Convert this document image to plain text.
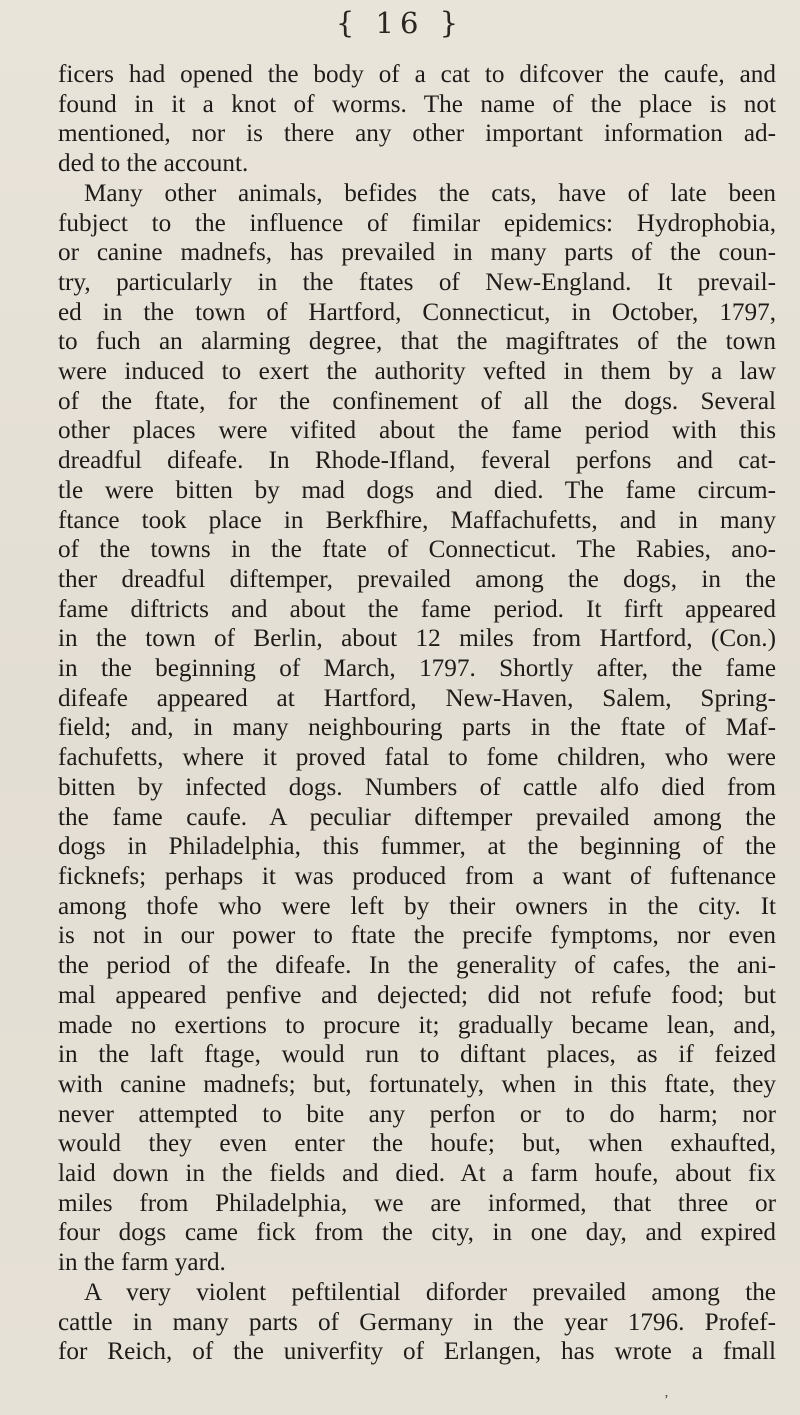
{ 16 }
ficers had opened the body of a cat to difcover the caufe, and
found in it a knot of worms. The name of the place is not
mentioned, nor is there any other important information ad-
ded to the account.
Many other animals, befides the cats, have of late been
fubject to the influence of fimilar epidemics: Hydrophobia,
or canine madnefs, has prevailed in many parts of the coun-
try, particularly in the ftates of New-England. It prevail-
ed in the town of Hartford, Connecticut, in October, 1797,
to fuch an alarming degree, that the magiftrates of the town
were induced to exert the authority vefted in them by a law
of the ftate, for the confinement of all the dogs. Several
other places were vifited about the fame period with this
dreadful difeafe. In Rhode-Ifland, feveral perfons and cat-
tle were bitten by mad dogs and died. The fame circum-
ftance took place in Berkfhire, Maffachufetts, and in many
of the towns in the ftate of Connecticut. The Rabies, ano-
ther dreadful diftemper, prevailed among the dogs, in the
fame diftricts and about the fame period. It firft appeared
in the town of Berlin, about 12 miles from Hartford, (Con.)
in the beginning of March, 1797. Shortly after, the fame
difeafe appeared at Hartford, New-Haven, Salem, Spring-
field; and, in many neighbouring parts in the ftate of Maf-
fachufetts, where it proved fatal to fome children, who were
bitten by infected dogs. Numbers of cattle alfo died from
the fame caufe. A peculiar diftemper prevailed among the
dogs in Philadelphia, this fummer, at the beginning of the
ficknefs; perhaps it was produced from a want of fuftenance
among thofe who were left by their owners in the city. It
is not in our power to ftate the precife fymptoms, nor even
the period of the difeafe. In the generality of cafes, the ani-
mal appeared penfive and dejected; did not refufe food; but
made no exertions to procure it; gradually became lean, and,
in the laft ftage, would run to diftant places, as if feized
with canine madnefs; but, fortunately, when in this ftate, they
never attempted to bite any perfon or to do harm; nor
would they even enter the houfe; but, when exhaufted,
laid down in the fields and died. At a farm houfe, about fix
miles from Philadelphia, we are informed, that three or
four dogs came fick from the city, in one day, and expired
in the farm yard.
A very violent peftilential diforder prevailed among the
cattle in many parts of Germany in the year 1796. Profef-
for Reich, of the univerfity of Erlangen, has wrote a fmall
’
